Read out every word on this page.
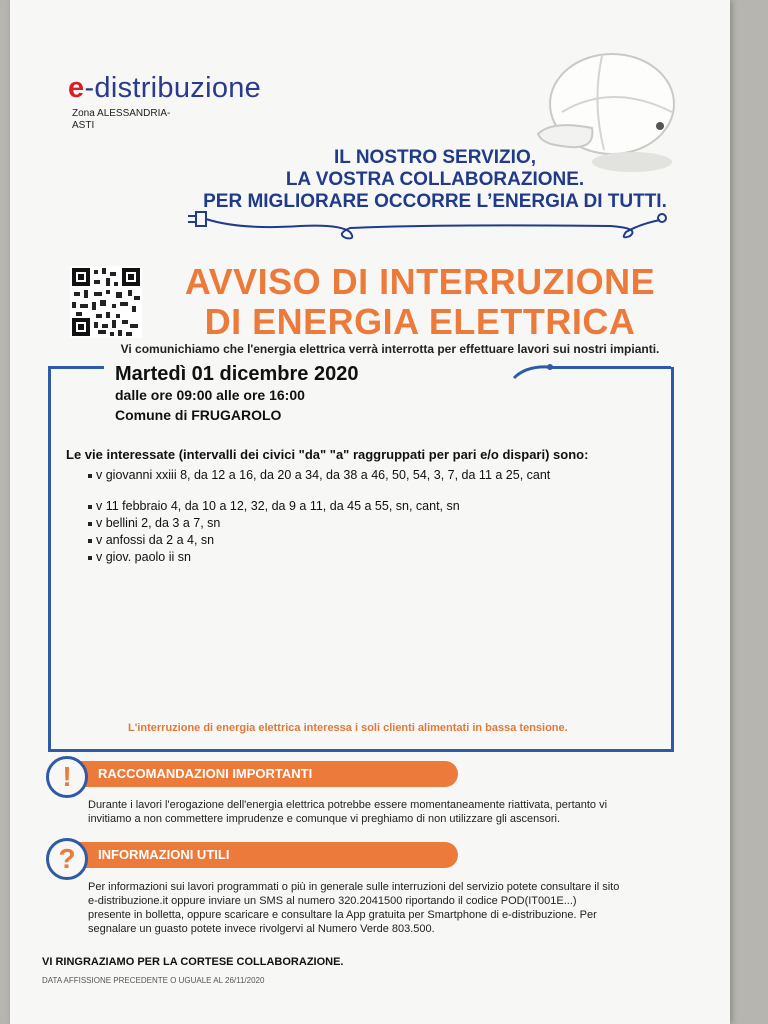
e-distribuzione
Zona ALESSANDRIA-ASTI
IL NOSTRO SERVIZIO,
LA VOSTRA COLLABORAZIONE.
PER MIGLIORARE OCCORRE L’ENERGIA DI TUTTI.
AVVISO DI INTERRUZIONE
DI ENERGIA ELETTRICA
Vi comunichiamo che l'energia elettrica verrà interrotta per effettuare lavori sui nostri impianti.
Martedì 01 dicembre 2020
dalle ore 09:00 alle ore 16:00
Comune di FRUGAROLO
Le vie interessate (intervalli dei civici "da" "a" raggruppati per pari e/o dispari) sono:
v giovanni xxiii 8, da 12 a 16, da 20 a 34, da 38 a 46, 50, 54, 3, 7, da 11 a 25, cant
v 11 febbraio 4, da 10 a 12, 32, da 9 a 11, da 45 a 55, sn, cant, sn
v bellini 2, da 3 a 7, sn
v anfossi da 2 a 4, sn
v giov. paolo ii sn
L'interruzione di energia elettrica interessa i soli clienti alimentati in bassa tensione.
RACCOMANDAZIONI IMPORTANTI
!
Durante i lavori l'erogazione dell'energia elettrica potrebbe essere momentaneamente riattivata, pertanto vi
invitiamo a non commettere imprudenze e comunque vi preghiamo di non utilizzare gli ascensori.
INFORMAZIONI UTILI
?
Per informazioni sui lavori programmati o più in generale sulle interruzioni del servizio potete consultare il sito
e-distribuzione.it oppure inviare un SMS al numero 320.2041500 riportando il codice POD(IT001E...)
presente in bolletta, oppure scaricare e consultare la App gratuita per Smartphone di e-distribuzione. Per
segnalare un guasto potete invece rivolgervi al Numero Verde 803.500.
VI RINGRAZIAMO PER LA CORTESE COLLABORAZIONE.
DATA AFFISSIONE PRECEDENTE O UGUALE AL 26/11/2020
